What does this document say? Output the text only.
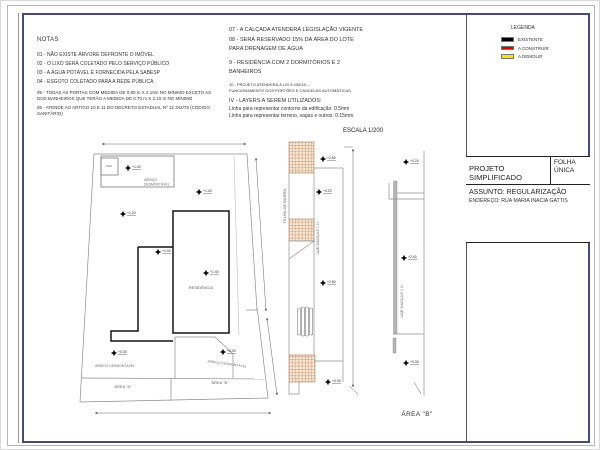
NOTAS
01 - NÃO EXISTE ÁRVORE DEFRONTE O IMÓVEL
02 - O LIXO SERÁ COLETADO PELO SERVIÇO PÚBLICO
03 - A ÁGUA POTÁVEL É FORNECIDA PELA SABESP
04 - ESGOTO COLETADO PARA A REDE PÚBLICA
05 - TODAS AS PORTAS COM MEDIDA DE 0.80 m X 2.10m NO MÍNIMO EXCETO AS DOS BANHEIROS QUE TERÃO A MEDIDA DE 0.70 m X 2.10 m NO MÍNIMO
06 - ATENDE AO ARTIGO 10 E 11 DO DECRETO ESTADUAL Nº 12.342/78 (CÓDIGO SANITÁRIO)
07 - A CALÇADA ATENDERÁ LEGISLAÇÃO VIGENTE
08 - SERÁ RESERVADO 15% DA ÁREA DO LOTE
PARA DRENAGEM DE ÁGUA
9 - RESIDÊNCIA COM 2 DORMITÓRIOS E 2
BANHEIROS
10 - PROJETO ATENDERÁ À LEI 5.430/18 –
FUNCIONAMENTO DOS PORTÕES E CANCELAS AUTOMÁTICAS
IV - LAYERS A SEREM UTILIZADOS:
Linha para representar contorno da edificação: 0.5mm
Linha para representar terreno, vagas e outros: 0.15mm
ESCALA 1/200
LEGENDA
EXISTENTE
A CONSTRUIR
A DEMOLIR
PROJETO SIMPLIFICADO
FOLHA ÚNICA
ASSUNTO: REGULARIZAÇÃO
ENDEREÇO: RUA MARIA INACIA GATTIS
ABRIGO
DESMONTÁVEL
RESIDÊNCIA
ABRIGO DESMONTÁVEL	ABRIGO DESMONTÁVEL
ÁREA "A"
ÁREA "B"
TELHA DE BARRO
LAJE MACIÇA E 0.10
LAJE MACIÇA E 0.10
ÁREA "B"
+1.40
+1.20
+1.40
+1.40
+1.40
+0.30	+0.30
+2.80
+3.20
+2.80
+0.30
+0.20
+2.40
+0.30
